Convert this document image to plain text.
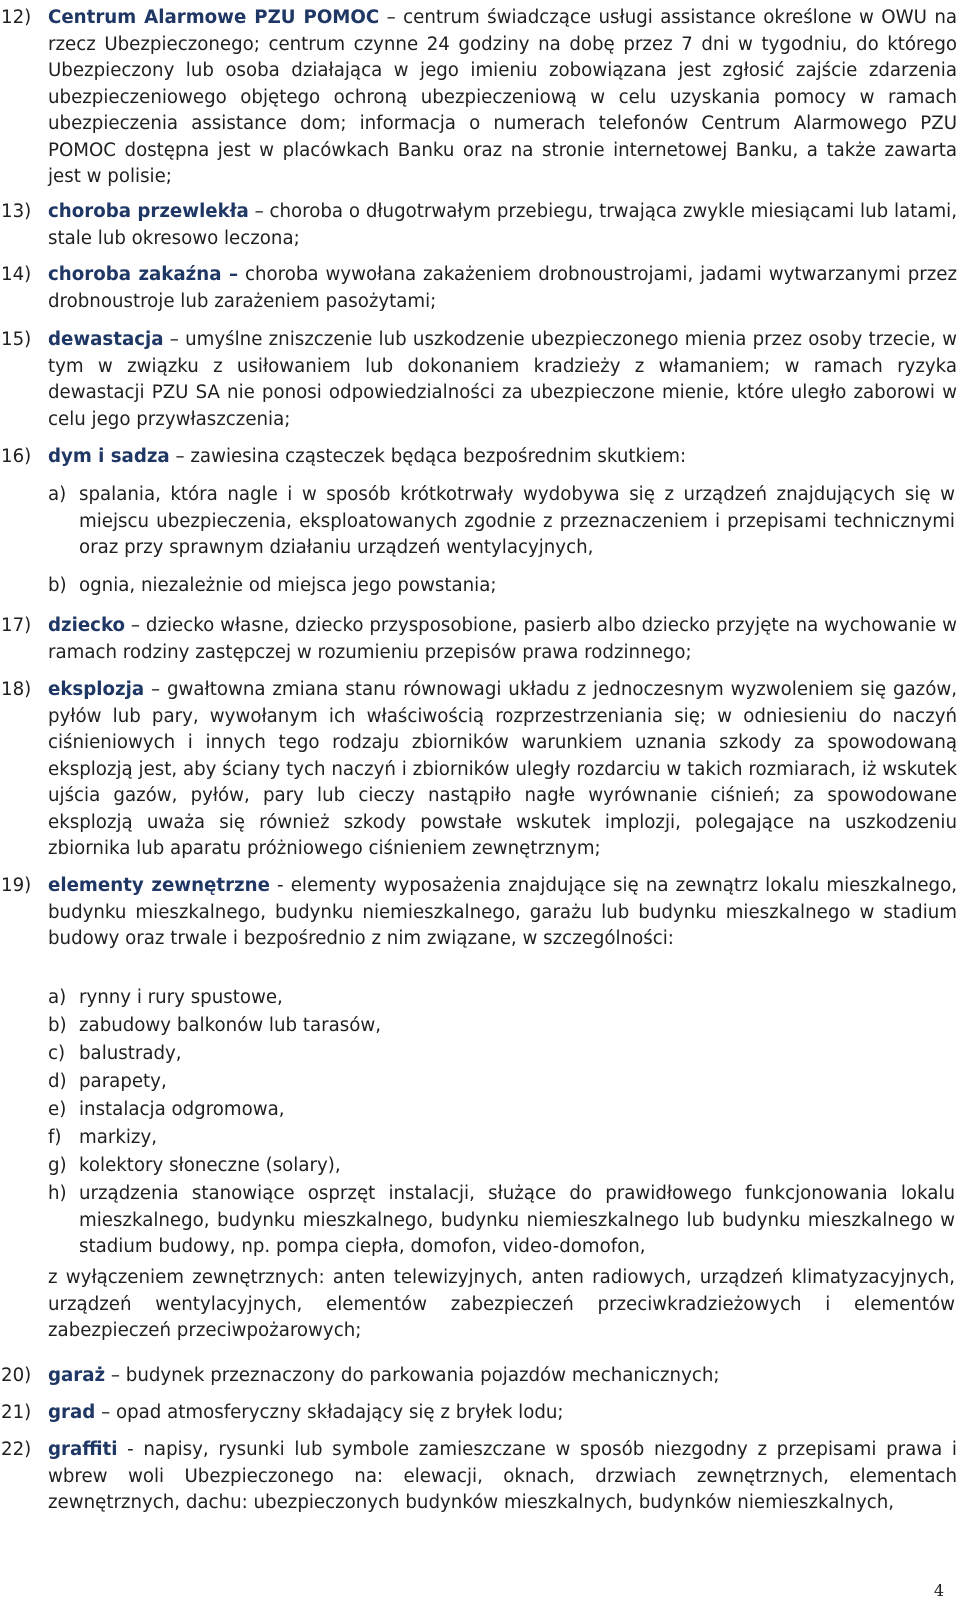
12) Centrum Alarmowe PZU POMOC – centrum świadczące usługi assistance określone w OWU na rzecz Ubezpieczonego; centrum czynne 24 godziny na dobę przez 7 dni w tygodniu, do którego Ubezpieczony lub osoba działająca w jego imieniu zobowiązana jest zgłosić zajście zdarzenia ubezpieczeniowego objętego ochroną ubezpieczeniową w celu uzyskania pomocy w ramach ubezpieczenia assistance dom; informacja o numerach telefonów Centrum Alarmowego PZU POMOC dostępna jest w placówkach Banku oraz na stronie internetowej Banku, a także zawarta jest w polisie;
13) choroba przewlekła – choroba o długotrwałym przebiegu, trwająca zwykle miesiącami lub latami, stale lub okresowo leczona;
14) choroba zakaźna – choroba wywołana zakażeniem drobnoustrojami, jadami wytwarzanymi przez drobnoustroje lub zarażeniem pasożytami;
15) dewastacja – umyślne zniszczenie lub uszkodzenie ubezpieczonego mienia przez osoby trzecie, w tym w związku z usiłowaniem lub dokonaniem kradzieży z włamaniem; w ramach ryzyka dewastacji PZU SA nie ponosi odpowiedzialności za ubezpieczone mienie, które uległo zaborowi w celu jego przywłaszczenia;
16) dym i sadza – zawiesina cząsteczek będąca bezpośrednim skutkiem:
a) spalania, która nagle i w sposób krótkotrwały wydobywa się z urządzeń znajdujących się w miejscu ubezpieczenia, eksploatowanych zgodnie z przeznaczeniem i przepisami technicznymi oraz przy sprawnym działaniu urządzeń wentylacyjnych,
b) ognia, niezależnie od miejsca jego powstania;
17) dziecko – dziecko własne, dziecko przysposobione, pasierb albo dziecko przyjęte na wychowanie w ramach rodziny zastępczej w rozumieniu przepisów prawa rodzinnego;
18) eksplozja – gwałtowna zmiana stanu równowagi układu z jednoczesnym wyzwoleniem się gazów, pyłów lub pary, wywołanym ich właściwością rozprzestrzeniania się; w odniesieniu do naczyń ciśnieniowych i innych tego rodzaju zbiorników warunkiem uznania szkody za spowodowaną eksplozją jest, aby ściany tych naczyń i zbiorników uległy rozdarciu w takich rozmiarach, iż wskutek ujścia gazów, pyłów, pary lub cieczy nastąpiło nagłe wyrównanie ciśnień; za spowodowane eksplozją uważa się również szkody powstałe wskutek implozji, polegające na uszkodzeniu zbiornika lub aparatu próżniowego ciśnieniem zewnętrznym;
19) elementy zewnętrzne - elementy wyposażenia znajdujące się na zewnątrz lokalu mieszkalnego, budynku mieszkalnego, budynku niemieszkalnego, garażu lub budynku mieszkalnego w stadium budowy oraz trwale i bezpośrednio z nim związane, w szczególności:
a) rynny i rury spustowe,
b) zabudowy balkonów lub tarasów,
c) balustrady,
d) parapety,
e) instalacja odgromowa,
f) markizy,
g) kolektory słoneczne (solary),
h) urządzenia stanowiące osprzęt instalacji, służące do prawidłowego funkcjonowania lokalu mieszkalnego, budynku mieszkalnego, budynku niemieszkalnego lub budynku mieszkalnego w stadium budowy, np. pompa ciepła, domofon, video-domofon,
z wyłączeniem zewnętrznych: anten telewizyjnych, anten radiowych, urządzeń klimatyzacyjnych, urządzeń wentylacyjnych, elementów zabezpieczeń przeciwkradzieżowych i elementów zabezpieczeń przeciwpożarowych;
20) garaż – budynek przeznaczony do parkowania pojazdów mechanicznych;
21) grad – opad atmosferyczny składający się z bryłek lodu;
22) graffiti - napisy, rysunki lub symbole zamieszczane w sposób niezgodny z przepisami prawa i wbrew woli Ubezpieczonego na: elewacji, oknach, drzwiach zewnętrznych, elementach zewnętrznych, dachu: ubezpieczonych budynków mieszkalnych, budynków niemieszkalnych,
4
